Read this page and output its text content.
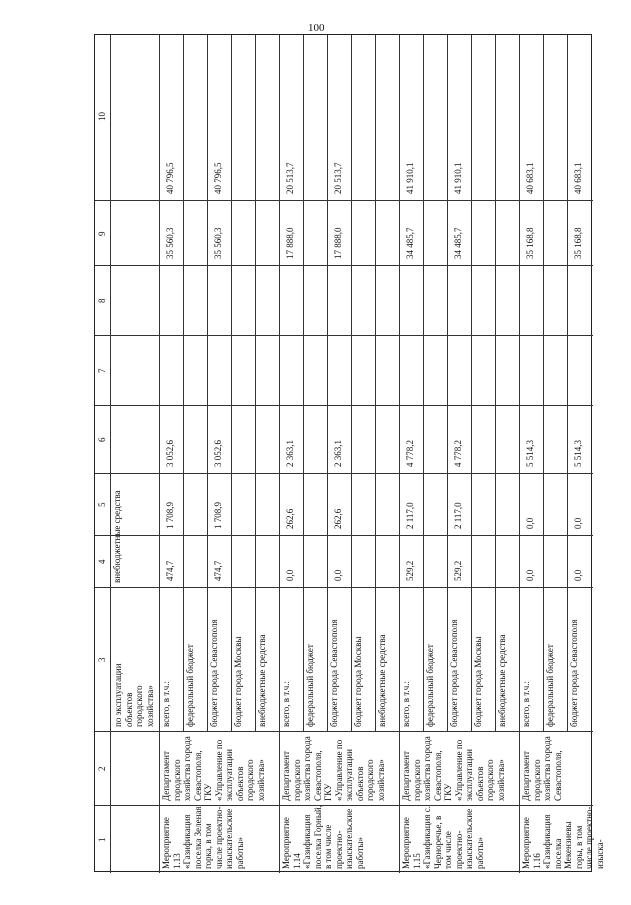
100
1
2
3
4
5
6
7
8
9
10
по эксплуатации объектов городского хозяйства»
внебюджетные средства
Мероприятие 1.13 «Газификация поселка Зеленая горка, в том числе проектно-изыскательские работы»
Департамент городского хозяйства города Севастополя, ГКУ «Управление по эксплуатации объектов городского хозяйства»
всего, в т.ч.:
474,7
1 708,9
3 052,6
35 560,3
40 796,5
федеральный бюджет бюджет города Севастополя
474,7
1 708,9
3 052,6
35 560,3
40 796,5
бюджет города Москвы внебюджетные средства
Мероприятие 1.14 «Газификация поселка Горный, в том числе проектно-изыскательские работы»
Департамент городского хозяйства города Севастополя, ГКУ «Управление по эксплуатации объектов городского хозяйства»
всего, в т.ч.:
0,0
262,6
2 363,1
17 888,0
20 513,7
федеральный бюджет бюджет города Севастополя
0,0
262,6
2 363,1
17 888,0
20 513,7
бюджет города Москвы внебюджетные средства
Мероприятие 1.15 «Газификация с. Черноречье, в том числе проектно-изыскательские работы»
Департамент городского хозяйства города Севастополя, ГКУ «Управление по эксплуатации объектов городского хозяйства»
всего, в т.ч.:
529,2
2 117,0
4 778,2
34 485,7
41 910,1
федеральный бюджет бюджет города Севастополя
529,2
2 117,0
4 778,2
34 485,7
41 910,1
бюджет города Москвы внебюджетные средства
Мероприятие 1.16 «Газификация поселка Мекензиевы горы, в том числе проектно-изыска-
Департамент городского хозяйства города Севастополя,
всего, в т.ч.:
0,0
0,0
5 514,3
35 168,8
40 683,1
федеральный бюджет бюджет города Севастополя
0,0
0,0
5 514,3
35 168,8
40 683,1
